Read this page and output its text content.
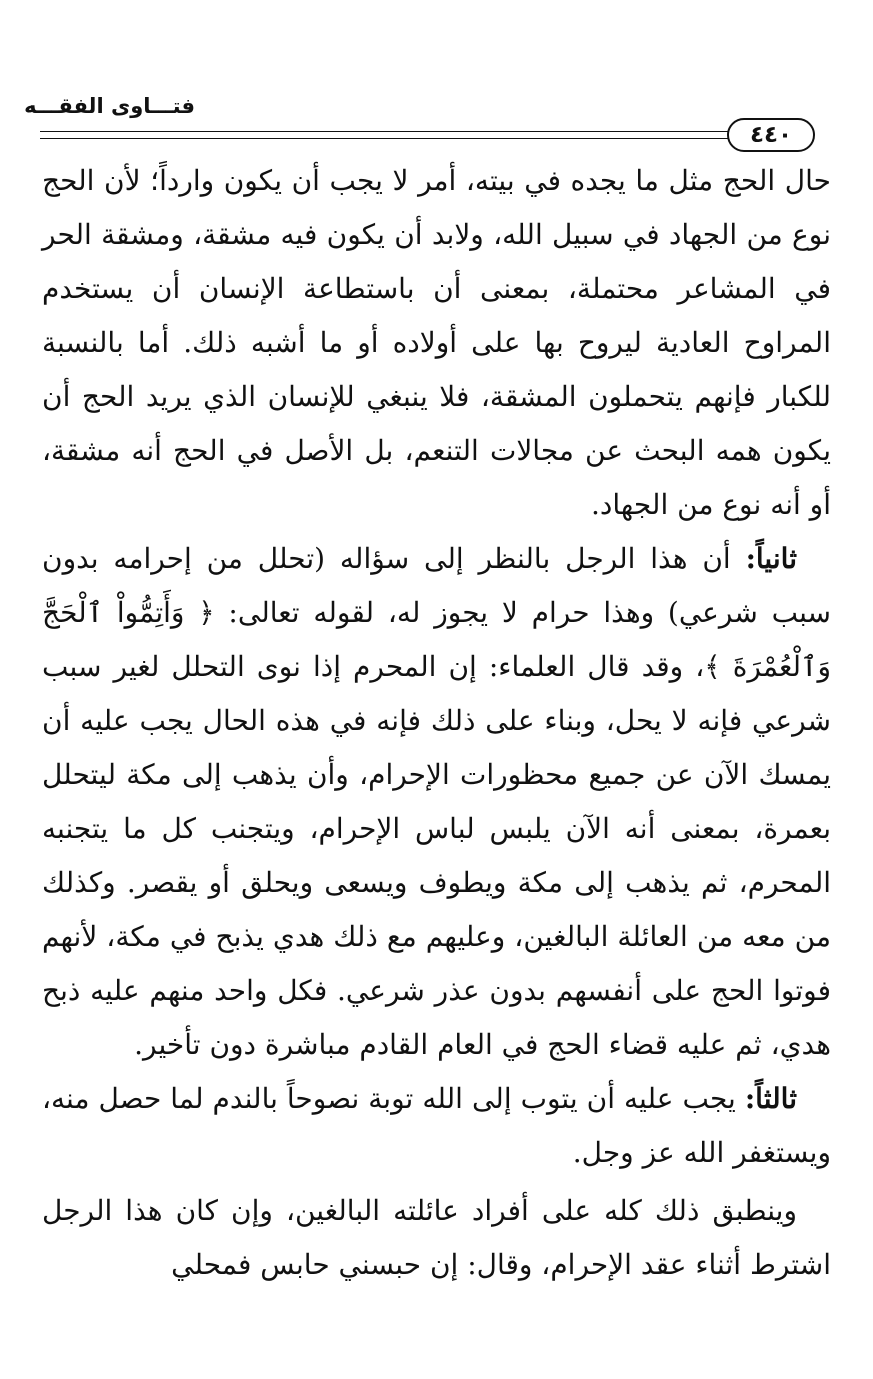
فتـــاوى الفقـــه
٤٤٠

حال الحج مثل ما يجده في بيته، أمر لا يجب أن يكون وارداً؛ لأن الحج نوع من الجهاد في سبيل الله، ولابد أن يكون فيه مشقة، ومشقة الحر في المشاعر محتملة، بمعنى أن باستطاعة الإنسان أن يستخدم المراوح العادية ليروح بها على أولاده أو ما أشبه ذلك. أما بالنسبة للكبار فإنهم يتحملون المشقة، فلا ينبغي للإنسان الذي يريد الحج أن يكون همه البحث عن مجالات التنعم، بل الأصل في الحج أنه مشقة، أو أنه نوع من الجهاد.

ثانياً: أن هذا الرجل بالنظر إلى سؤاله (تحلل من إحرامه بدون سبب شرعي) وهذا حرام لا يجوز له، لقوله تعالى: ﴿ وَأَتِمُّواْ ٱلْحَجَّ وَٱلْعُمْرَةَ ﴾، وقد قال العلماء: إن المحرم إذا نوى التحلل لغير سبب شرعي فإنه لا يحل، وبناء على ذلك فإنه في هذه الحال يجب عليه أن يمسك الآن عن جميع محظورات الإحرام، وأن يذهب إلى مكة ليتحلل بعمرة، بمعنى أنه الآن يلبس لباس الإحرام، ويتجنب كل ما يتجنبه المحرم، ثم يذهب إلى مكة ويطوف ويسعى ويحلق أو يقصر. وكذلك من معه من العائلة البالغين، وعليهم مع ذلك هدي يذبح في مكة، لأنهم فوتوا الحج على أنفسهم بدون عذر شرعي. فكل واحد منهم عليه ذبح هدي، ثم عليه قضاء الحج في العام القادم مباشرة دون تأخير.

ثالثاً: يجب عليه أن يتوب إلى الله توبة نصوحاً بالندم لما حصل منه، ويستغفر الله عز وجل.

وينطبق ذلك كله على أفراد عائلته البالغين، وإن كان هذا الرجل اشترط أثناء عقد الإحرام، وقال: إن حبسني حابس فمحلي
